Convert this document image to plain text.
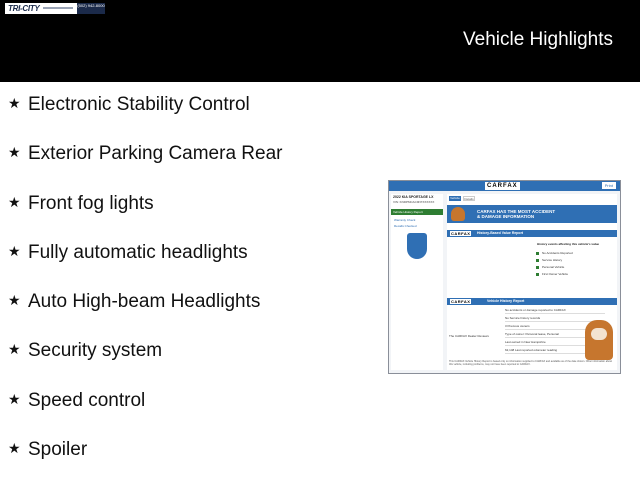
TRI-CITY	(502) 942-8000
Vehicle Highlights
★ Electronic Stability Control
★ Exterior Parking Camera Rear
★ Front fog lights
★ Fully automatic headlights
★ Auto High-beam Headlights
★ Security system
★ Speed control
★ Spoiler
CARFAX	Print
2022 KIA SPORTAGE LX
VIN: KNDPMCAC9N7XXXXXX
Vehicle History Report
Warranty Check
Recalls Checked
Vehicle	Details
CARFAX HAS THE MOST ACCIDENT & DAMAGE INFORMATION
CARFAX History-Based Value Report
History events affecting this vehicle's value
No Accidents Reported
Service History
Personal Vehicle
First Owner Vehicle
CARFAX	Vehicle History Report
The CARFAX Dealer Reviews
No accidents or damage reported to CARFAX
No Service history records
3 Previous owners
Type of owner: Personal lease, Personal
Last owned in New Hampshire
62,148 Last reported odometer reading
This CARFAX Vehicle History Report is based only on information supplied to CARFAX and available as of the date shown. Other information about this vehicle, including problems, may not have been reported to CARFAX.
